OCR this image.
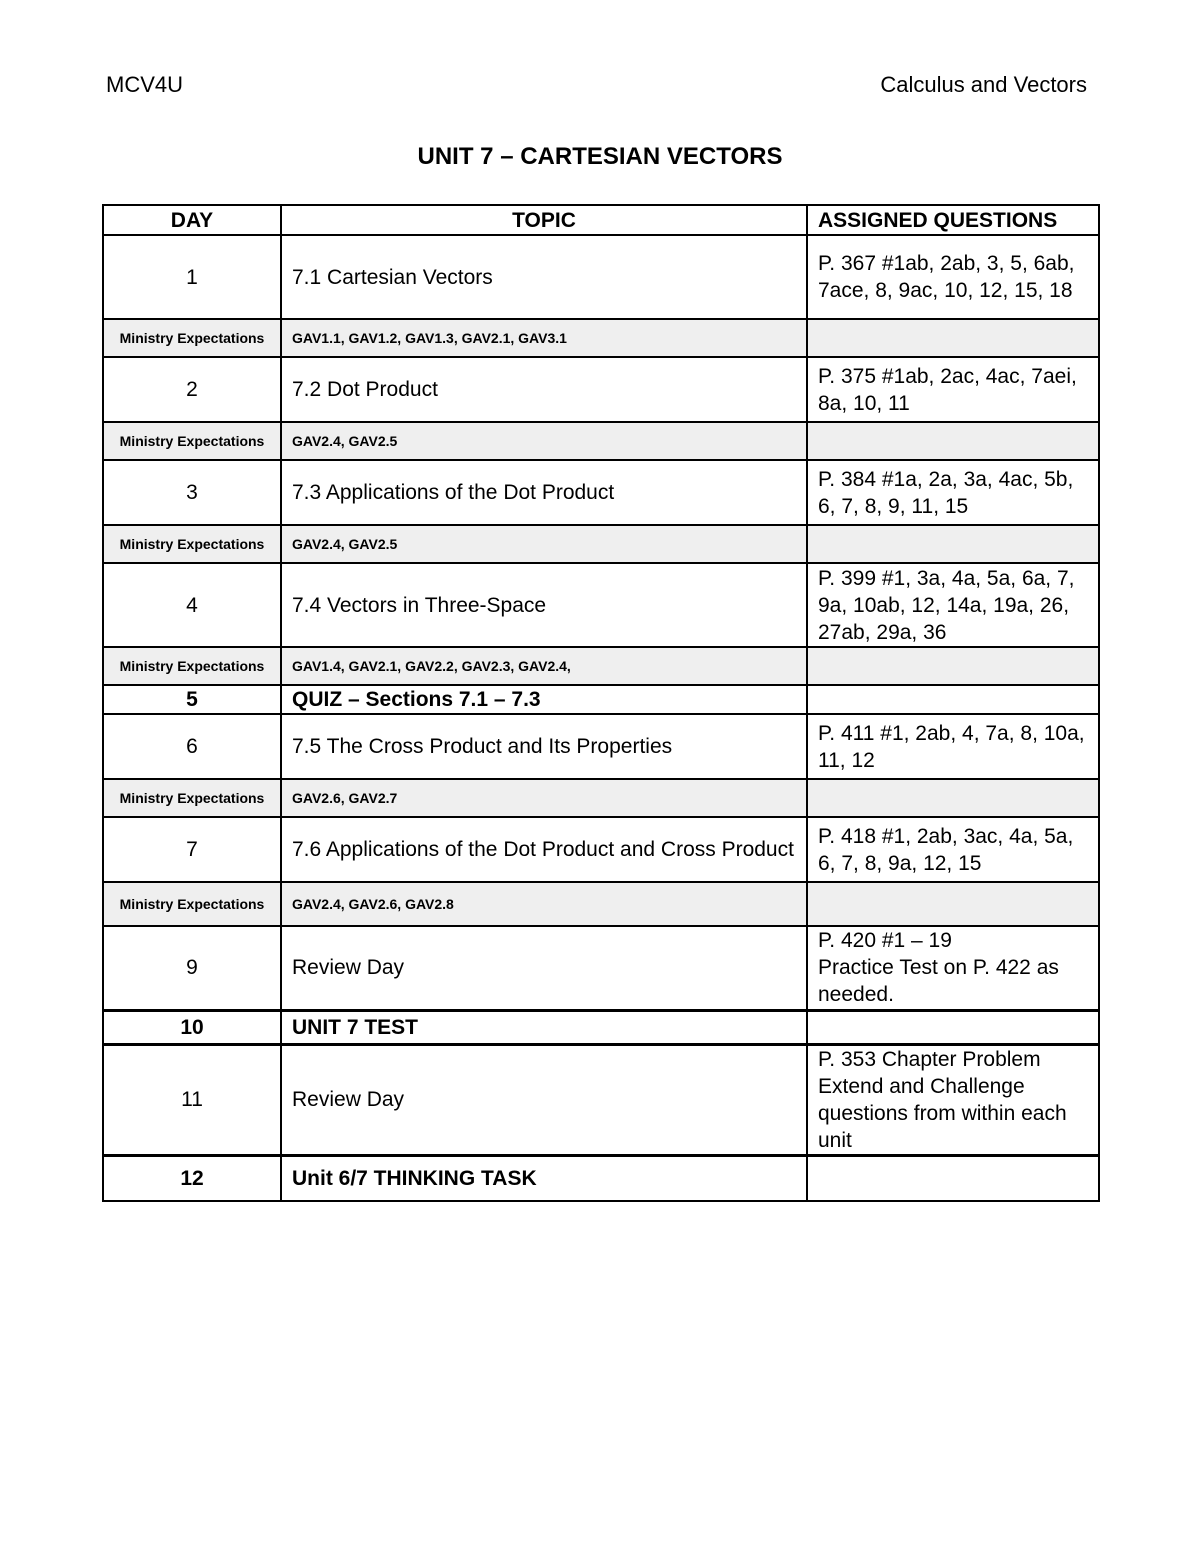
MCV4U	Calculus and Vectors
UNIT 7 – CARTESIAN VECTORS
DAY	TOPIC	ASSIGNED QUESTIONS
1	7.1 Cartesian Vectors	P. 367 #1ab, 2ab, 3, 5, 6ab, 7ace, 8, 9ac, 10, 12, 15, 18
Ministry Expectations	GAV1.1, GAV1.2, GAV1.3, GAV2.1, GAV3.1	
2	7.2 Dot Product	P. 375 #1ab, 2ac, 4ac, 7aei, 8a, 10, 11
Ministry Expectations	GAV2.4, GAV2.5	
3	7.3 Applications of the Dot Product	P. 384 #1a, 2a, 3a, 4ac, 5b, 6, 7, 8, 9, 11, 15
Ministry Expectations	GAV2.4, GAV2.5	
4	7.4 Vectors in Three-Space	P. 399 #1, 3a, 4a, 5a, 6a, 7, 9a, 10ab, 12, 14a, 19a, 26, 27ab, 29a, 36
Ministry Expectations	GAV1.4, GAV2.1, GAV2.2, GAV2.3, GAV2.4,	
5	QUIZ – Sections 7.1 – 7.3	
6	7.5 The Cross Product and Its Properties	P. 411 #1, 2ab, 4, 7a, 8, 10a, 11, 12
Ministry Expectations	GAV2.6, GAV2.7	
7	7.6 Applications of the Dot Product and Cross Product	P. 418 #1, 2ab, 3ac, 4a, 5a, 6, 7, 8, 9a, 12, 15
Ministry Expectations	GAV2.4, GAV2.6, GAV2.8	
9	Review Day	P. 420 #1 – 19
Practice Test on P. 422 as needed.

10	UNIT 7 TEST	
11	Review Day	P. 353 Chapter Problem Extend and Challenge questions from within each unit
12	Unit 6/7 THINKING TASK	
